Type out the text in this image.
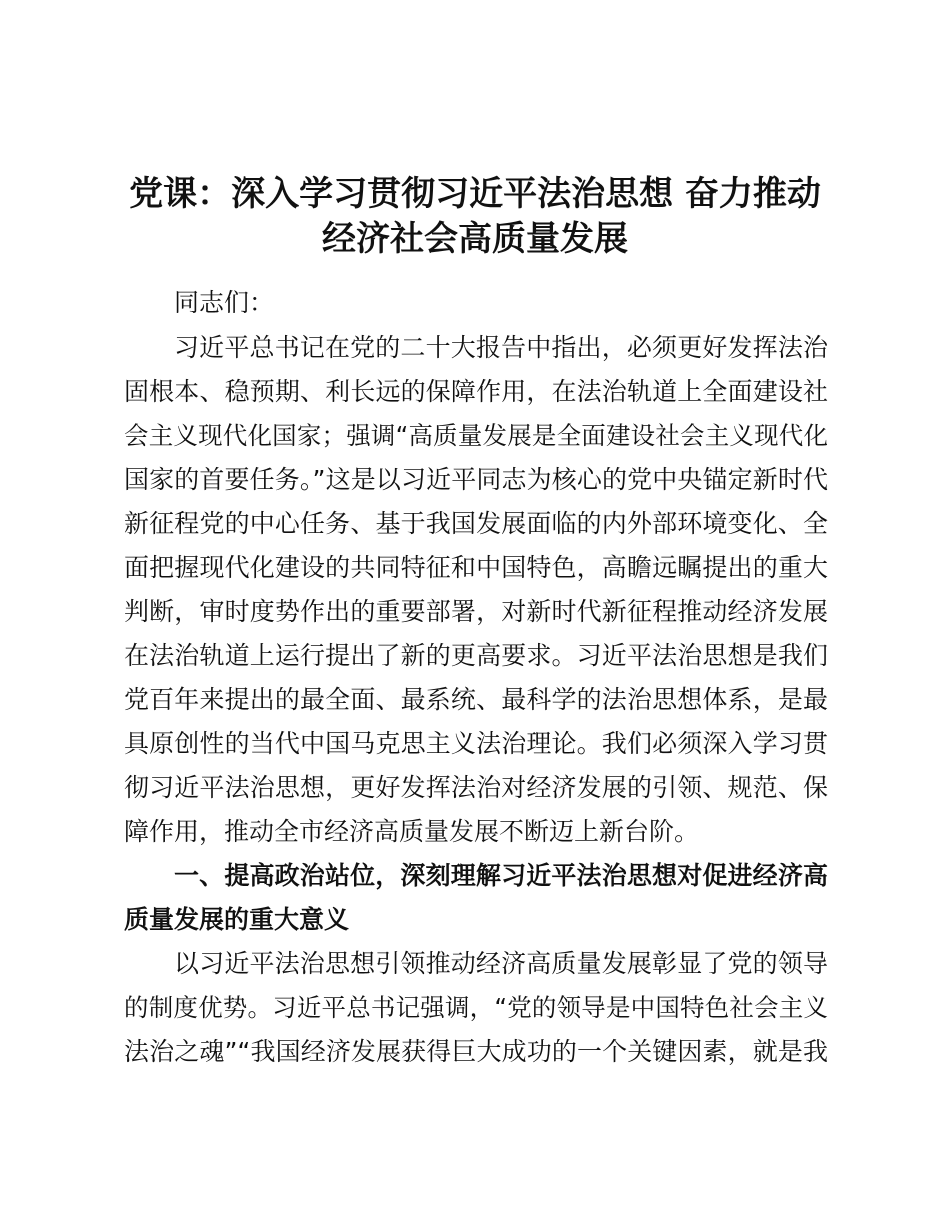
党课：深入学习贯彻习近平法治思想 奋力推动
经济社会高质量发展
同志们：
习近平总书记在党的二十大报告中指出，必须更好发挥法治
固根本、稳预期、利长远的保障作用，在法治轨道上全面建设社
会主义现代化国家；强调“高质量发展是全面建设社会主义现代化
国家的首要任务。”这是以习近平同志为核心的党中央锚定新时代
新征程党的中心任务、基于我国发展面临的内外部环境变化、全
面把握现代化建设的共同特征和中国特色，高瞻远瞩提出的重大
判断，审时度势作出的重要部署，对新时代新征程推动经济发展
在法治轨道上运行提出了新的更高要求。习近平法治思想是我们
党百年来提出的最全面、最系统、最科学的法治思想体系，是最
具原创性的当代中国马克思主义法治理论。我们必须深入学习贯
彻习近平法治思想，更好发挥法治对经济发展的引领、规范、保
障作用，推动全市经济高质量发展不断迈上新台阶。
一、提高政治站位，深刻理解习近平法治思想对促进经济高
质量发展的重大意义
以习近平法治思想引领推动经济高质量发展彰显了党的领导
的制度优势。习近平总书记强调，“党的领导是中国特色社会主义
法治之魂”“我国经济发展获得巨大成功的一个关键因素，就是我
